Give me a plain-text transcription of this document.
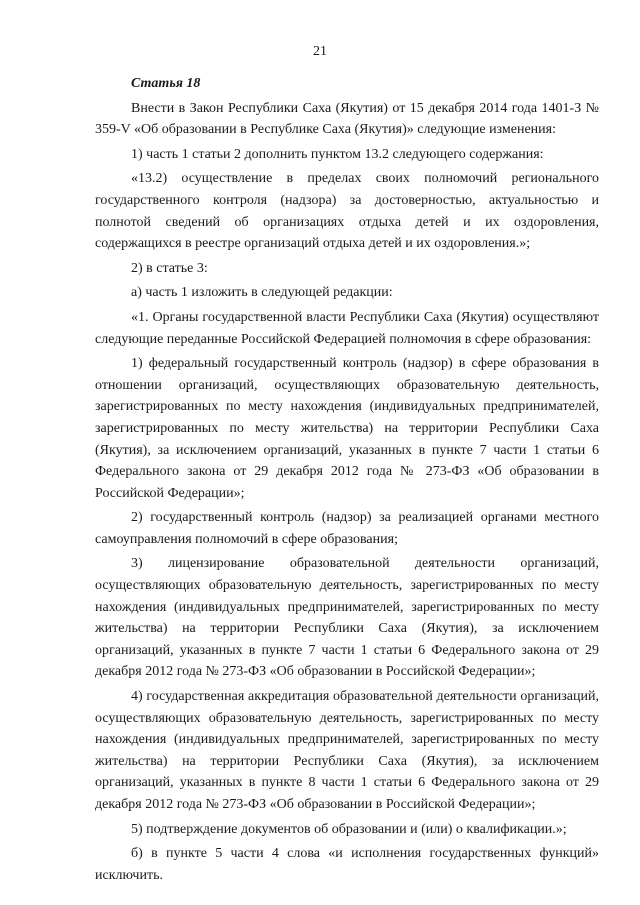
21
Статья 18

Внести в Закон Республики Саха (Якутия) от 15 декабря 2014 года 1401-З № 359-V «Об образовании в Республике Саха (Якутия)» следующие изменения:

1) часть 1 статьи 2 дополнить пунктом 13.2 следующего содержания:

«13.2) осуществление в пределах своих полномочий регионального государственного контроля (надзора) за достоверностью, актуальностью и полнотой сведений об организациях отдыха детей и их оздоровления, содержащихся в реестре организаций отдыха детей и их оздоровления.»;

2) в статье 3:

а) часть 1 изложить в следующей редакции:

«1. Органы государственной власти Республики Саха (Якутия) осуществляют следующие переданные Российской Федерацией полномочия в сфере образования:

1) федеральный государственный контроль (надзор) в сфере образования в отношении организаций, осуществляющих образовательную деятельность, зарегистрированных по месту нахождения (индивидуальных предпринимателей, зарегистрированных по месту жительства) на территории Республики Саха (Якутия), за исключением организаций, указанных в пункте 7 части 1 статьи 6 Федерального закона от 29 декабря 2012 года № 273-ФЗ «Об образовании в Российской Федерации»;

2) государственный контроль (надзор) за реализацией органами местного самоуправления полномочий в сфере образования;

3) лицензирование образовательной деятельности организаций, осуществляющих образовательную деятельность, зарегистрированных по месту нахождения (индивидуальных предпринимателей, зарегистрированных по месту жительства) на территории Республики Саха (Якутия), за исключением организаций, указанных в пункте 7 части 1 статьи 6 Федерального закона от 29 декабря 2012 года № 273-ФЗ «Об образовании в Российской Федерации»;

4) государственная аккредитация образовательной деятельности организаций, осуществляющих образовательную деятельность, зарегистрированных по месту нахождения (индивидуальных предпринимателей, зарегистрированных по месту жительства) на территории Республики Саха (Якутия), за исключением организаций, указанных в пункте 8 части 1 статьи 6 Федерального закона от 29 декабря 2012 года № 273-ФЗ «Об образовании в Российской Федерации»;

5) подтверждение документов об образовании и (или) о квалификации.»;

б) в пункте 5 части 4 слова «и исполнения государственных функций» исключить.
